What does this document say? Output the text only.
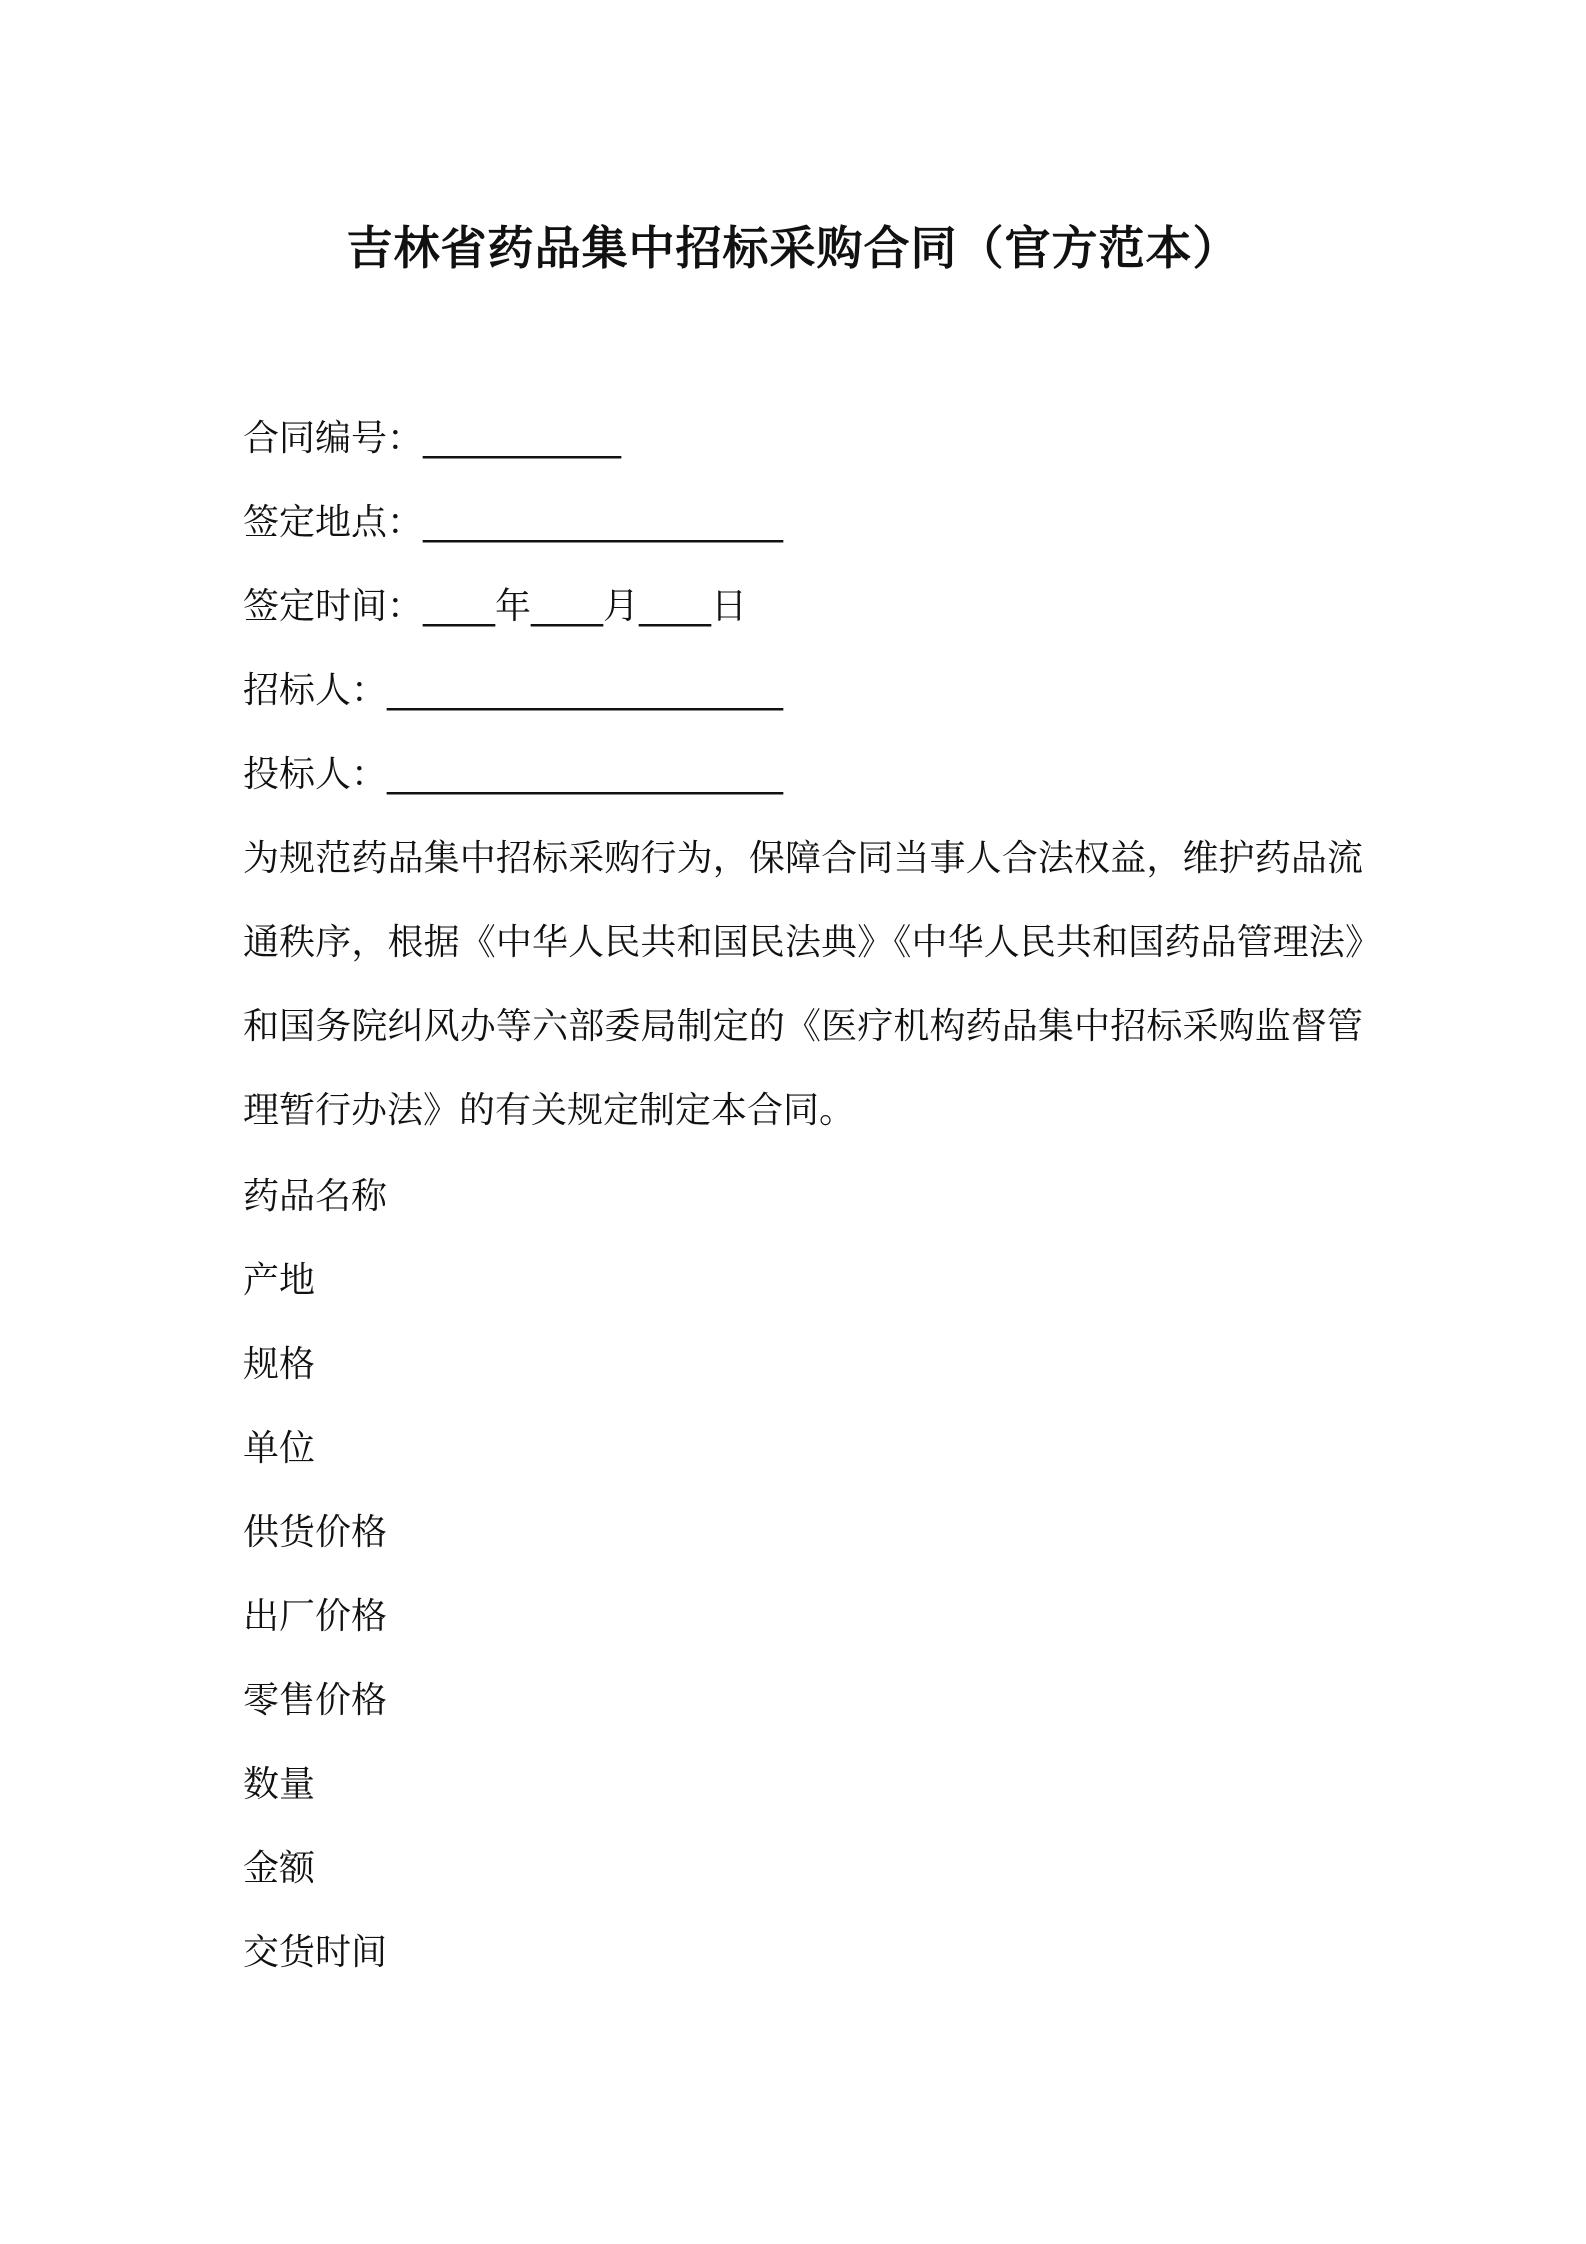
吉林省药品集中招标采购合同（官方范本）
合同编号：___________
签定地点：____________________
签定时间：____年____月____日
招标人：______________________
投标人：______________________
为规范药品集中招标采购行为，保障合同当事人合法权益，维护药品流通秩序，根据《中华人民共和国民法典》《中华人民共和国药品管理法》和国务院纠风办等六部委局制定的《医疗机构药品集中招标采购监督管理暂行办法》的有关规定制定本合同。
药品名称
产地
规格
单位
供货价格
出厂价格
零售价格
数量
金额
交货时间
